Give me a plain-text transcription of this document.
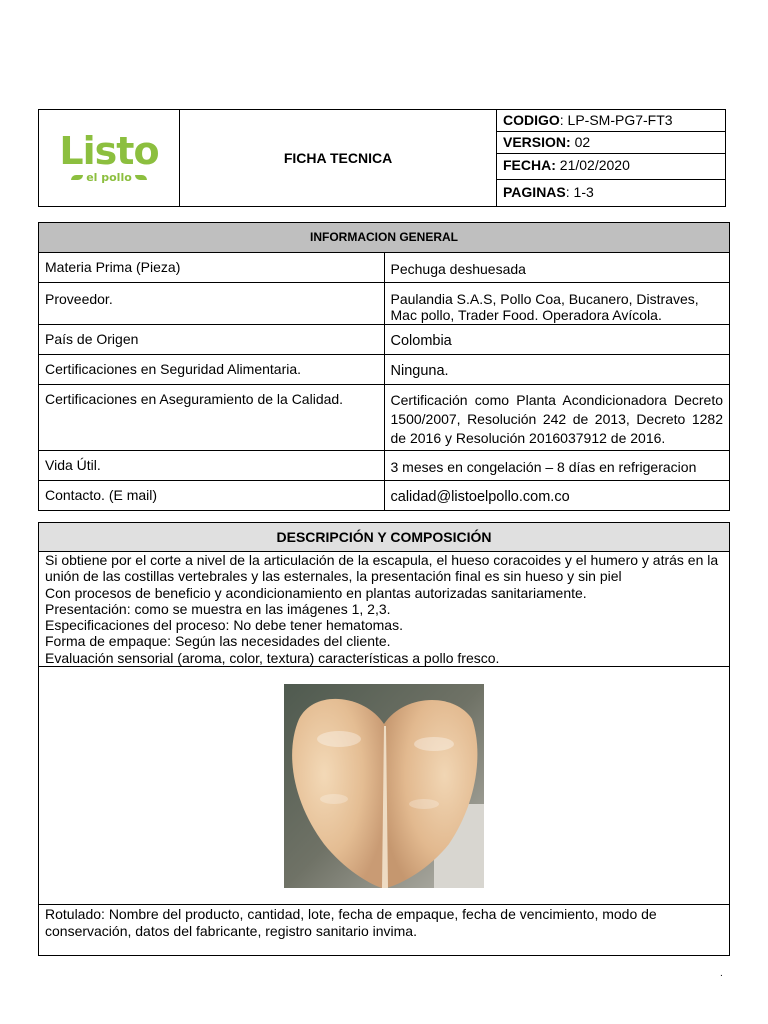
Listo
el pollo
	FICHA TECNICA	CODIGO: LP-SM-PG7-FT3
VERSION: 02
FECHA: 21/02/2020
PAGINAS: 1-3
INFORMACION GENERAL	
Materia Prima (Pieza)	Pechuga deshuesada
Proveedor.	Paulandia S.A.S, Pollo Coa, Bucanero, Distraves, Mac pollo, Trader Food. Operadora Avícola.
País de Origen	Colombia
Certificaciones en Seguridad Alimentaria.	Ninguna.
Certificaciones en Aseguramiento de la Calidad.	Certificación como Planta Acondicionadora Decreto 1500/2007, Resolución 242 de 2013, Decreto 1282 de 2016 y Resolución 2016037912 de 2016.
Vida Útil.	3 meses en congelación – 8 días en refrigeracion
Contacto. (E mail)	calidad@listoelpollo.com.co
DESCRIPCIÓN Y COMPOSICIÓN

Si obtiene por el corte a nivel de la articulación de la escapula, el hueso coracoides y el humero y atrás en la
unión de las costillas vertebrales y las esternales, la presentación final es sin hueso y sin piel
Con procesos de beneficio y acondicionamiento en plantas autorizadas sanitariamente.
Presentación: como se muestra en las imágenes 1, 2,3.
Especificaciones del proceso: No debe tener hematomas.
Forma de empaque: Según las necesidades del cliente.
Evaluación sensorial (aroma, color, textura) características a pollo fresco.

Rotulado: Nombre del producto, cantidad, lote, fecha de empaque, fecha de vencimiento, modo de
conservación, datos del fabricante, registro sanitario invima.
.
